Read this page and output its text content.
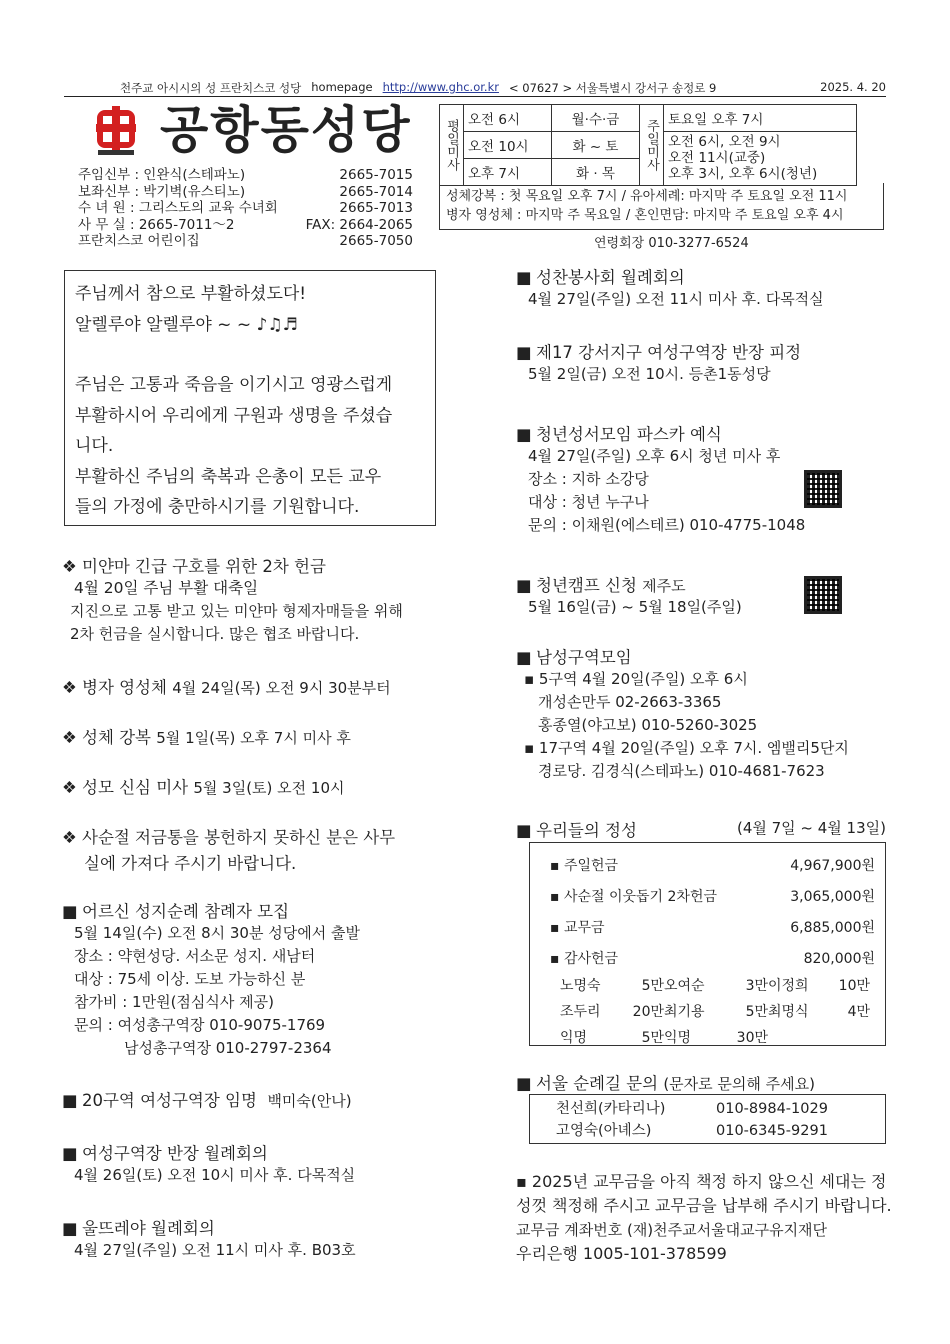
천주교 아시시의 성 프란치스코 성당 homepage http://www.ghc.or.kr < 07627 > 서울특별시 강서구 송정로 9	2025. 4. 20
공항동성당
주임신부 : 인완식(스테파노)	2665-7015
보좌신부 : 박기벽(유스티노)	2665-7014
수 녀 원 : 그리스도의 교육 수녀회	2665-7013
사 무 실 : 2665-7011～2	FAX: 2664-2065
프란치스코 어린이집	2665-7050
평일미사	오전 6시	월·수·금	주일미사	토요일 오후 7시
	오전 10시	화 ~ 토		오전 6시, 오전 9시
오전 11시(교중)
오후 3시, 오후 6시(청년)

	오후 7시	화 · 목		
성체강복 : 첫 목요일 오후 7시 / 유아세례: 마지막 주 토요일 오전 11시
병자 영성체 : 마지막 주 목요일 / 혼인면담: 마지막 주 토요일 오후 4시
연령회장 010-3277-6524
주님께서 참으로 부활하셨도다!
알렐루야 알렐루야 ~ ~ ♪♫♬
주님은 고통과 죽음을 이기시고 영광스럽게
부활하시어 우리에게 구원과 생명을 주셨습
니다.
부활하신 주님의 축복과 은총이 모든 교우
들의 가정에 충만하시기를 기원합니다.
❖ 미얀마 긴급 구호를 위한 2차 헌금
4월 20일 주님 부활 대축일
지진으로 고통 받고 있는 미얀마 형제자매들을 위해
2차 헌금을 실시합니다. 많은 협조 바랍니다.
❖ 병자 영성체 4월 24일(목) 오전 9시 30분부터
❖ 성체 강복 5월 1일(목) 오후 7시 미사 후
❖ 성모 신심 미사 5월 3일(토) 오전 10시
❖ 사순절 저금통을 봉헌하지 못하신 분은 사무
실에 가져다 주시기 바랍니다.
■ 어르신 성지순례 참례자 모집
5월 14일(수) 오전 8시 30분 성당에서 출발
장소 : 약현성당. 서소문 성지. 새남터
대상 : 75세 이상. 도보 가능하신 분
참가비 : 1만원(점심식사 제공)
문의 : 여성총구역장 010-9075-1769
남성총구역장 010-2797-2364
■ 20구역 여성구역장 임명 백미숙(안나)
■ 여성구역장 반장 월례회의
4월 26일(토) 오전 10시 미사 후. 다목적실
■ 울뜨레야 월례회의
4월 27일(주일) 오전 11시 미사 후. B03호
■ 성찬봉사회 월례회의
4월 27일(주일) 오전 11시 미사 후. 다목적실
■ 제17 강서지구 여성구역장 반장 피정
5월 2일(금) 오전 10시. 등촌1동성당
■ 청년성서모임 파스카 예식
4월 27일(주일) 오후 6시 청년 미사 후
장소 : 지하 소강당
대상 : 청년 누구나
문의 : 이채원(에스테르) 010-4775-1048
■ 청년캠프 신청 제주도
5월 16일(금) ~ 5월 18일(주일)
■ 남성구역모임
▪ 5구역 4월 20일(주일) 오후 6시
개성손만두 02-2663-3365
홍종열(야고보) 010-5260-3025
▪ 17구역 4월 20일(주일) 오후 7시. 엠밸리5단지
경로당. 김경식(스테파노) 010-4681-7623
■ 우리들의 정성	(4월 7일 ~ 4월 13일)
▪ 주일헌금	4,967,900원
▪ 사순절 이웃돕기 2차헌금	3,065,000원
▪ 교무금	6,885,000원
▪ 감사헌금	820,000원
노명숙	5만 오여순	3만 이정희	10만
조두리	20만 최기용	5만 최명식	4만
익명	5만 익명	30만
■ 서울 순례길 문의 (문자로 문의해 주세요)
천선희(카타리나)	010-8984-1029
고영숙(아녜스)	010-6345-9291
▪ 2025년 교무금을 아직 책정 하지 않으신 세대는 정
성껏 책정해 주시고 교무금을 납부해 주시기 바랍니다.
교무금 계좌번호 (재)천주교서울대교구유지재단
우리은행 1005-101-378599
